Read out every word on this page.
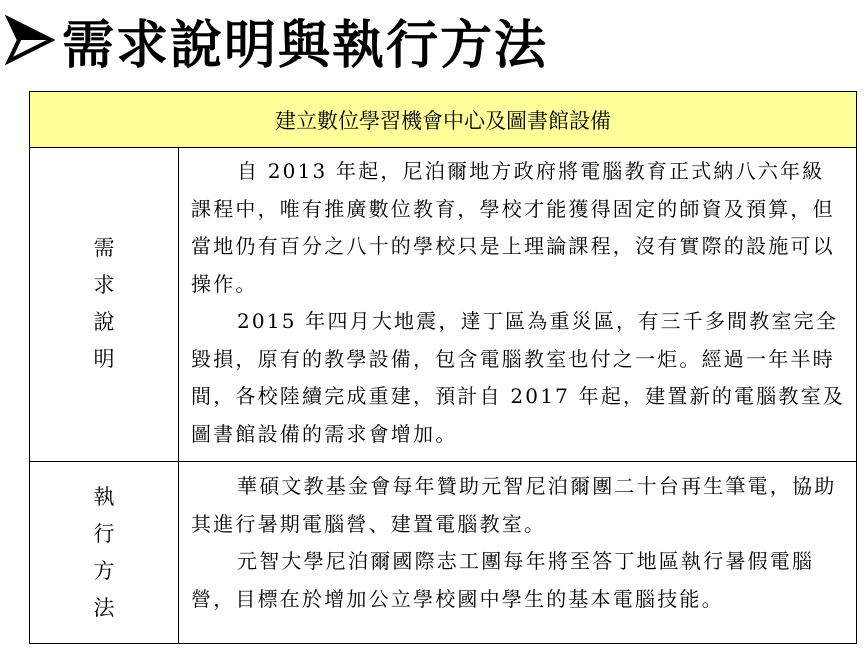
需求說明與執行方法
建立數位學習機會中心及圖書館設備
需
求
說
明

自 2013 年起，尼泊爾地方政府將電腦教育正式納八六年級課程中，唯有推廣數位教育，學校才能獲得固定的師資及預算，但當地仍有百分之八十的學校只是上理論課程，沒有實際的設施可以操作。

2015 年四月大地震，達丁區為重災區，有三千多間教室完全毀損，原有的教學設備，包含電腦教室也付之一炬。經過一年半時間，各校陸續完成重建，預計自 2017 年起，建置新的電腦教室及圖書館設備的需求會增加。

執
行
方
法

華碩文教基金會每年贊助元智尼泊爾團二十台再生筆電，協助其進行暑期電腦營、建置電腦教室。

元智大學尼泊爾國際志工團每年將至答丁地區執行暑假電腦營，目標在於增加公立學校國中學生的基本電腦技能。
